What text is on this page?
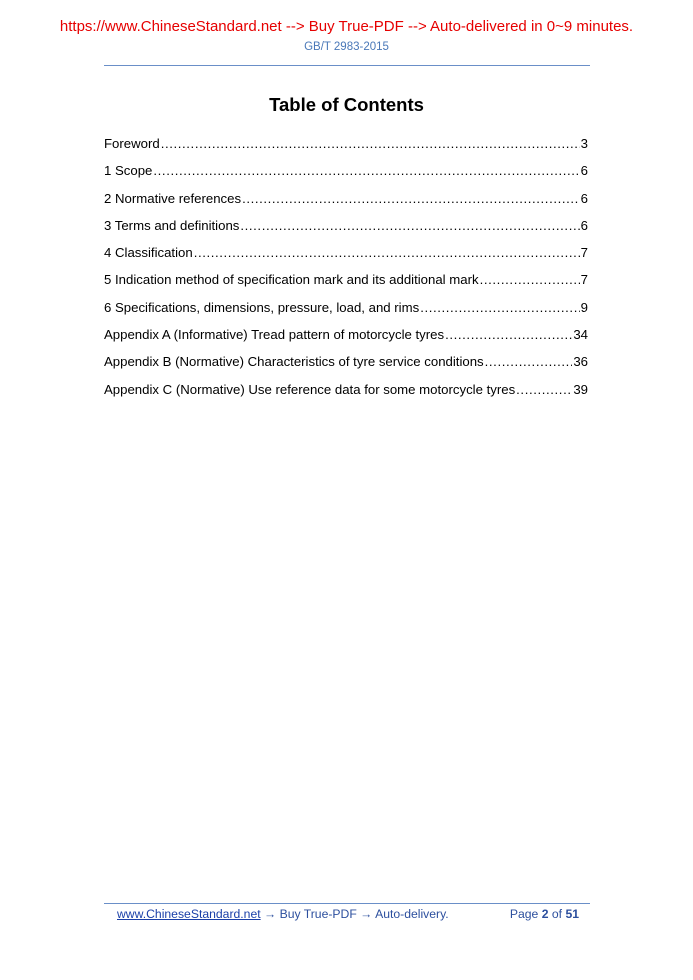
https://www.ChineseStandard.net --> Buy True-PDF --> Auto-delivered in 0~9 minutes.
GB/T 2983-2015
Table of Contents
Foreword .....	3
1 Scope .....	6
2 Normative references .....	6
3 Terms and definitions .....	6
4 Classification .....	7
5 Indication method of specification mark and its additional mark .....	7
6 Specifications, dimensions, pressure, load, and rims .....	9
Appendix A (Informative) Tread pattern of motorcycle tyres .....	34
Appendix B (Normative) Characteristics of tyre service conditions .....	36
Appendix C (Normative) Use reference data for some motorcycle tyres .....	39
www.ChineseStandard.net → Buy True-PDF → Auto-delivery.	Page 2 of 51
